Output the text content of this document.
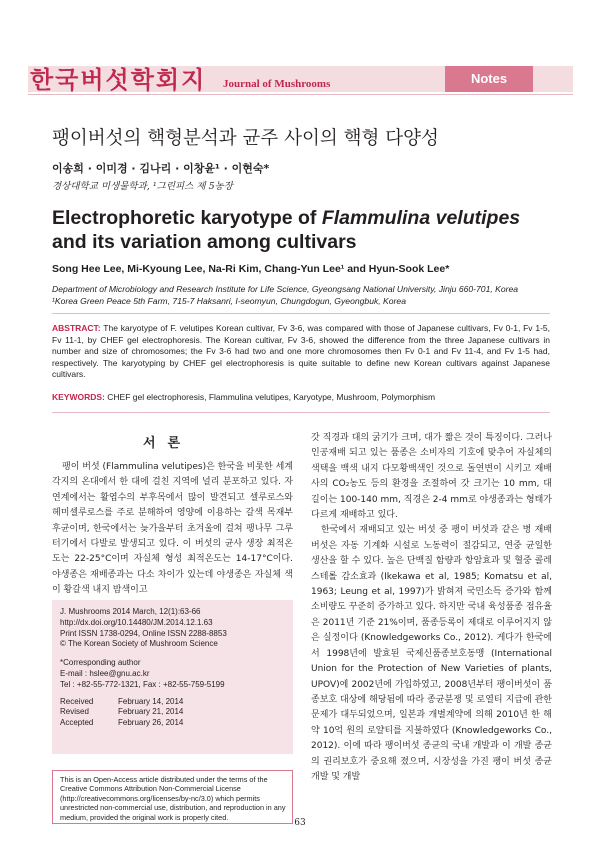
한국버섯학회지 Journal of Mushrooms	Notes
팽이버섯의 핵형분석과 균주 사이의 핵형 다양성
이송희 · 이미경 · 김나리 · 이창윤¹ · 이현숙*
경상대학교 미생물학과, ¹그린피스 제 5농장
Electrophoretic karyotype of Flammulina velutipes and its variation among cultivars
Song Hee Lee, Mi-Kyoung Lee, Na-Ri Kim, Chang-Yun Lee¹ and Hyun-Sook Lee*
Department of Microbiology and Research Institute for Life Science, Gyeongsang National University, Jinju 660-701, Korea
¹Korea Green Peace 5th Farm, 715-7 Haksanri, I-seomyun, Chungdogun, Gyeongbuk, Korea
ABSTRACT: The karyotype of F. velutipes Korean cultivar, Fv 3-6, was compared with those of Japanese cultivars, Fv 0-1, Fv 1-5, Fv 11-1, by CHEF gel electrophoresis. The Korean cultivar, Fv 3-6, showed the difference from the three Japanese cultivars in number and size of chromosomes; the Fv 3-6 had two and one more chromosomes then Fv 0-1 and Fv 11-4, and Fv 1-5 had, respectively. The karyotyping by CHEF gel electrophoresis is quite suitable to define new Korean cultivars against Japanese cultivars.
KEYWORDS: CHEF gel electrophoresis, Flammulina velutipes, Karyotype, Mushroom, Polymorphism
서론

팽이 버섯 (Flammulina velutipes)은 한국을 비롯한 세계 각지의 온대에서 한 대에 걸친 지역에 널리 분포하고 있다. 자연계에서는 활엽수의 부후목에서 많이 발견되고 셀루로스와 헤미셀루로스를 주로 분해하여 영양에 이용하는 갈색 목재부후균이며, 한국에서는 늦가을부터 초겨울에 걸쳐 팽나무 그루터기에서 다발로 발생되고 있다. 이 버섯의 균사 생장 최적온도는 22-25°C이며 자실체 형성 최적온도는 14-17°C이다. 야생종은 재배종과는 다소 차이가 있는데 야생종은 자실체 색이 황갈색 내지 밤색이고

갓 직경과 대의 굵기가 크며, 대가 짧은 것이 특징이다. 그러나 인공재배 되고 있는 품종은 소비자의 기호에 맞추어 자실체의 색택을 백색 내지 다모황백색인 것으로 돌연변이 시키고 재배사의 CO₂농도 등의 환경을 조절하여 갓 크기는 10 mm, 대 길이는 100-140 mm, 직경은 2-4 mm로 야생종과는 형태가 다르게 재배하고 있다.

한국에서 재배되고 있는 버섯 중 팽이 버섯과 같은 병 재배 버섯은 자동 기계화 시설로 노동력이 절감되고, 연중 균일한 생산을 할 수 있다. 높은 단백질 함량과 항암효과 및 혈중 콜레스테롤 감소효과 (Ikekawa et al, 1985; Komatsu et al, 1963; Leung et al, 1997)가 밝혀져 국민소득 증가와 함께 소비량도 꾸준히 증가하고 있다. 하지만 국내 육성품종 점유율은 2011년 기준 21%이며, 품종등록이 제대로 이루어지지 않은 실정이다 (Knowledgeworks Co., 2012). 게다가 한국에서 1998년에 발효된 국제신품종보호동맹 (International Union for the Protection of New Varieties of plants, UPOV)에 2002년에 가입하였고, 2008년부터 팽이버섯이 품종보호 대상에 해당됨에 따라 종균분쟁 및 로열티 지급에 관한 문제가 대두되었으며, 일본과 개별계약에 의해 2010년 한 해 약 10억 원의 로얄티를 지불하였다 (Knowledgeworks Co., 2012). 이에 따라 팽이버섯 종균의 국내 개발과 이 개발 종균의 권리보호가 중요해 졌으며, 시장성을 가진 팽이 버섯 종균개발 및 개발

J. Mushrooms 2014 March, 12(1):63-66
http://dx.doi.org/10.14480/JM.2014.12.1.63
Print ISSN 1738-0294, Online ISSN 2288-8853
© The Korean Society of Mushroom Science
*Corresponding author
E-mail : hslee@gnu.ac.kr
Tel : +82-55-772-1321, Fax : +82-55-759-5199
Received	February 14, 2014
Revised	February 21, 2014
Accepted	February 26, 2014
This is an Open-Access article distributed under the terms of the Creative Commons Attribution Non-Commercial License (http://creativecommons.org/licenses/by-nc/3.0) which permits unrestricted non-commercial use, distribution, and reproduction in any medium, provided the original work is properly cited.
63
